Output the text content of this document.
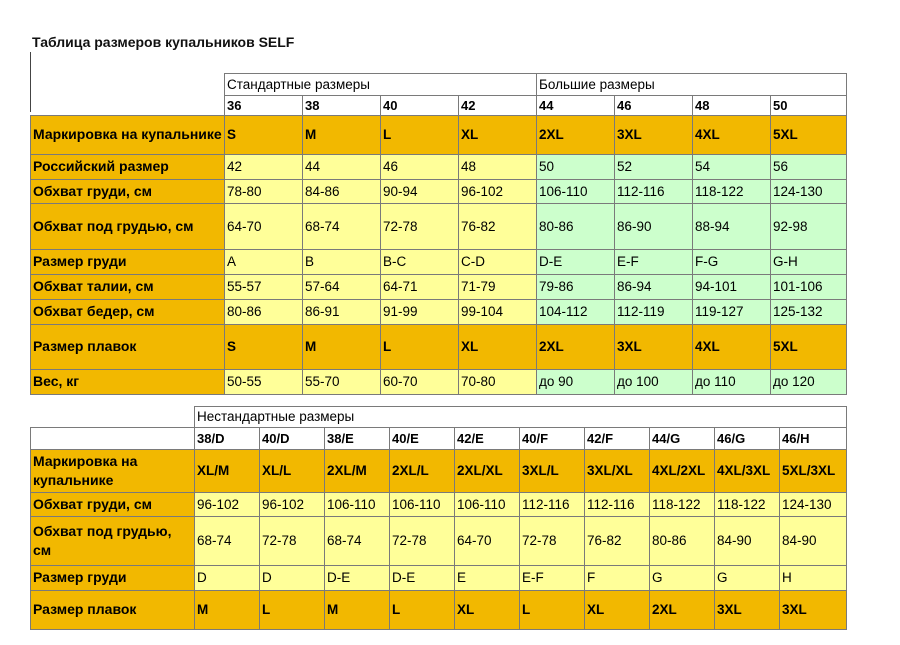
Таблица размеров купальников SELF
	Стандартные размеры				Большие размеры			
	36	38	40	42	44	46	48	50
Маркировка на купальнике	S	M	L	XL	2XL	3XL	4XL	5XL
Российский размер	42	44	46	48	50	52	54	56
Обхват груди, см	78-80	84-86	90-94	96-102	106-110	112-116	118-122	124-130
Обхват под грудью, см	64-70	68-74	72-78	76-82	80-86	86-90	88-94	92-98
Размер груди	A	B	B-C	C-D	D-E	E-F	F-G	G-H
Обхват талии, см	55-57	57-64	64-71	71-79	79-86	86-94	94-101	101-106
Обхват бедер, см	80-86	86-91	91-99	99-104	104-112	112-119	119-127	125-132
Размер плавок	S	M	L	XL	2XL	3XL	4XL	5XL
Вес, кг	50-55	55-70	60-70	70-80	до 90	до 100	до 110	до 120
	Нестандартные размеры									
	38/D	40/D	38/E	40/E	42/E	40/F	42/F	44/G	46/G	46/H
Маркировка на купальнике	XL/M	XL/L	2XL/M	2XL/L	2XL/XL	3XL/L	3XL/XL	4XL/2XL	4XL/3XL	5XL/3XL
Обхват груди, см	96-102	96-102	106-110	106-110	106-110	112-116	112-116	118-122	118-122	124-130
Обхват под грудью, см	68-74	72-78	68-74	72-78	64-70	72-78	76-82	80-86	84-90	84-90
Размер груди	D	D	D-E	D-E	E	E-F	F	G	G	H
Размер плавок	M	L	M	L	XL	L	XL	2XL	3XL	3XL
